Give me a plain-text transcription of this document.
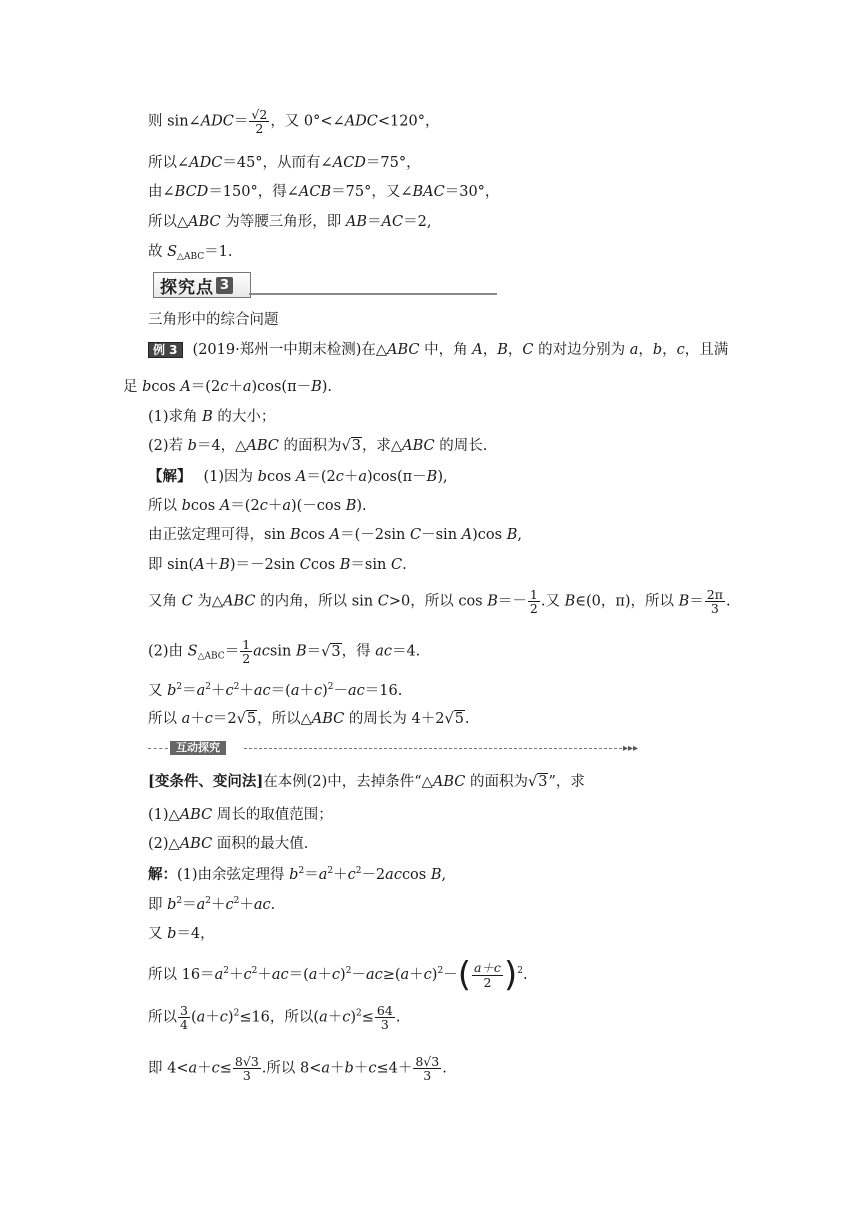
则 sin∠ADC＝ $\frac{√2}{2}$ ，又 0°<∠ADC<120°，
所以∠ADC＝45°，从而有∠ACD＝75°，
由∠BCD＝150°，得∠ACB＝75°，又∠BAC＝30°，
所以△ABC 为等腰三角形，即 AB＝AC＝2,
故 $S_{\triangle ABC}=1$.
探究点 3
三角形中的综合问题
例 3 (2019·郑州一中期末检测)在△ABC 中，角 A，B，C 的对边分别为 a，b，c，且满
足 bcos A＝(2c＋a)cos(π－B).
(1)求角 B 的大小；
(2)若 b＝4，△ABC 的面积为√3，求△ABC 的周长.
【解】 (1)因为 bcos A＝(2c＋a)cos(π－B),
所以 bcos A＝(2c＋a)(－cos B).
由正弦定理可得，sin Bcos A＝(－2sin C－sin A)cos B,
即 sin(A＋B)＝－2sin Ccos B＝sin C.
又角 C 为△ABC 的内角，所以 sin C>0，所以 $\cos B=- \frac{1}{2}$ .又 B∈(0，π)，所以 $B= \frac{2\pi}{3}$ .
(2)由 $S_{\triangle ABC}= \frac{1}{2}$ acsin B＝√3，得 ac＝4.
又 $b^2=a^2+c^2+ac=(a+c)^2-ac=16$.
所以 a＋c＝2√5，所以△ABC 的周长为 4＋2√5.
互动探究	▸▸▸
[变条件、变问法]在本例(2)中，去掉条件“△ABC 的面积为√3”，求
(1)△ABC 周长的取值范围；
(2)△ABC 面积的最大值.
解：(1)由余弦定理得 $b^2=a^2+c^2-2accos$ B,
即 $b^2=a^2+c^2+ac$.
又 b＝4，
所以 $16=a^2+c^2+ac=(a+c)^2-ac\ge(a+c)^2-( \frac{a+c}{2} )^2$.
所以 $\frac{3}{4} (a+c)^2\le 16$，所以$(a+c)^2\le \frac{64}{3}$ .
即 $4<a+c\le \frac{8√3}{3}$ .所以 $8<a+b+c\le 4+ \frac{8√3}{3}$ .
